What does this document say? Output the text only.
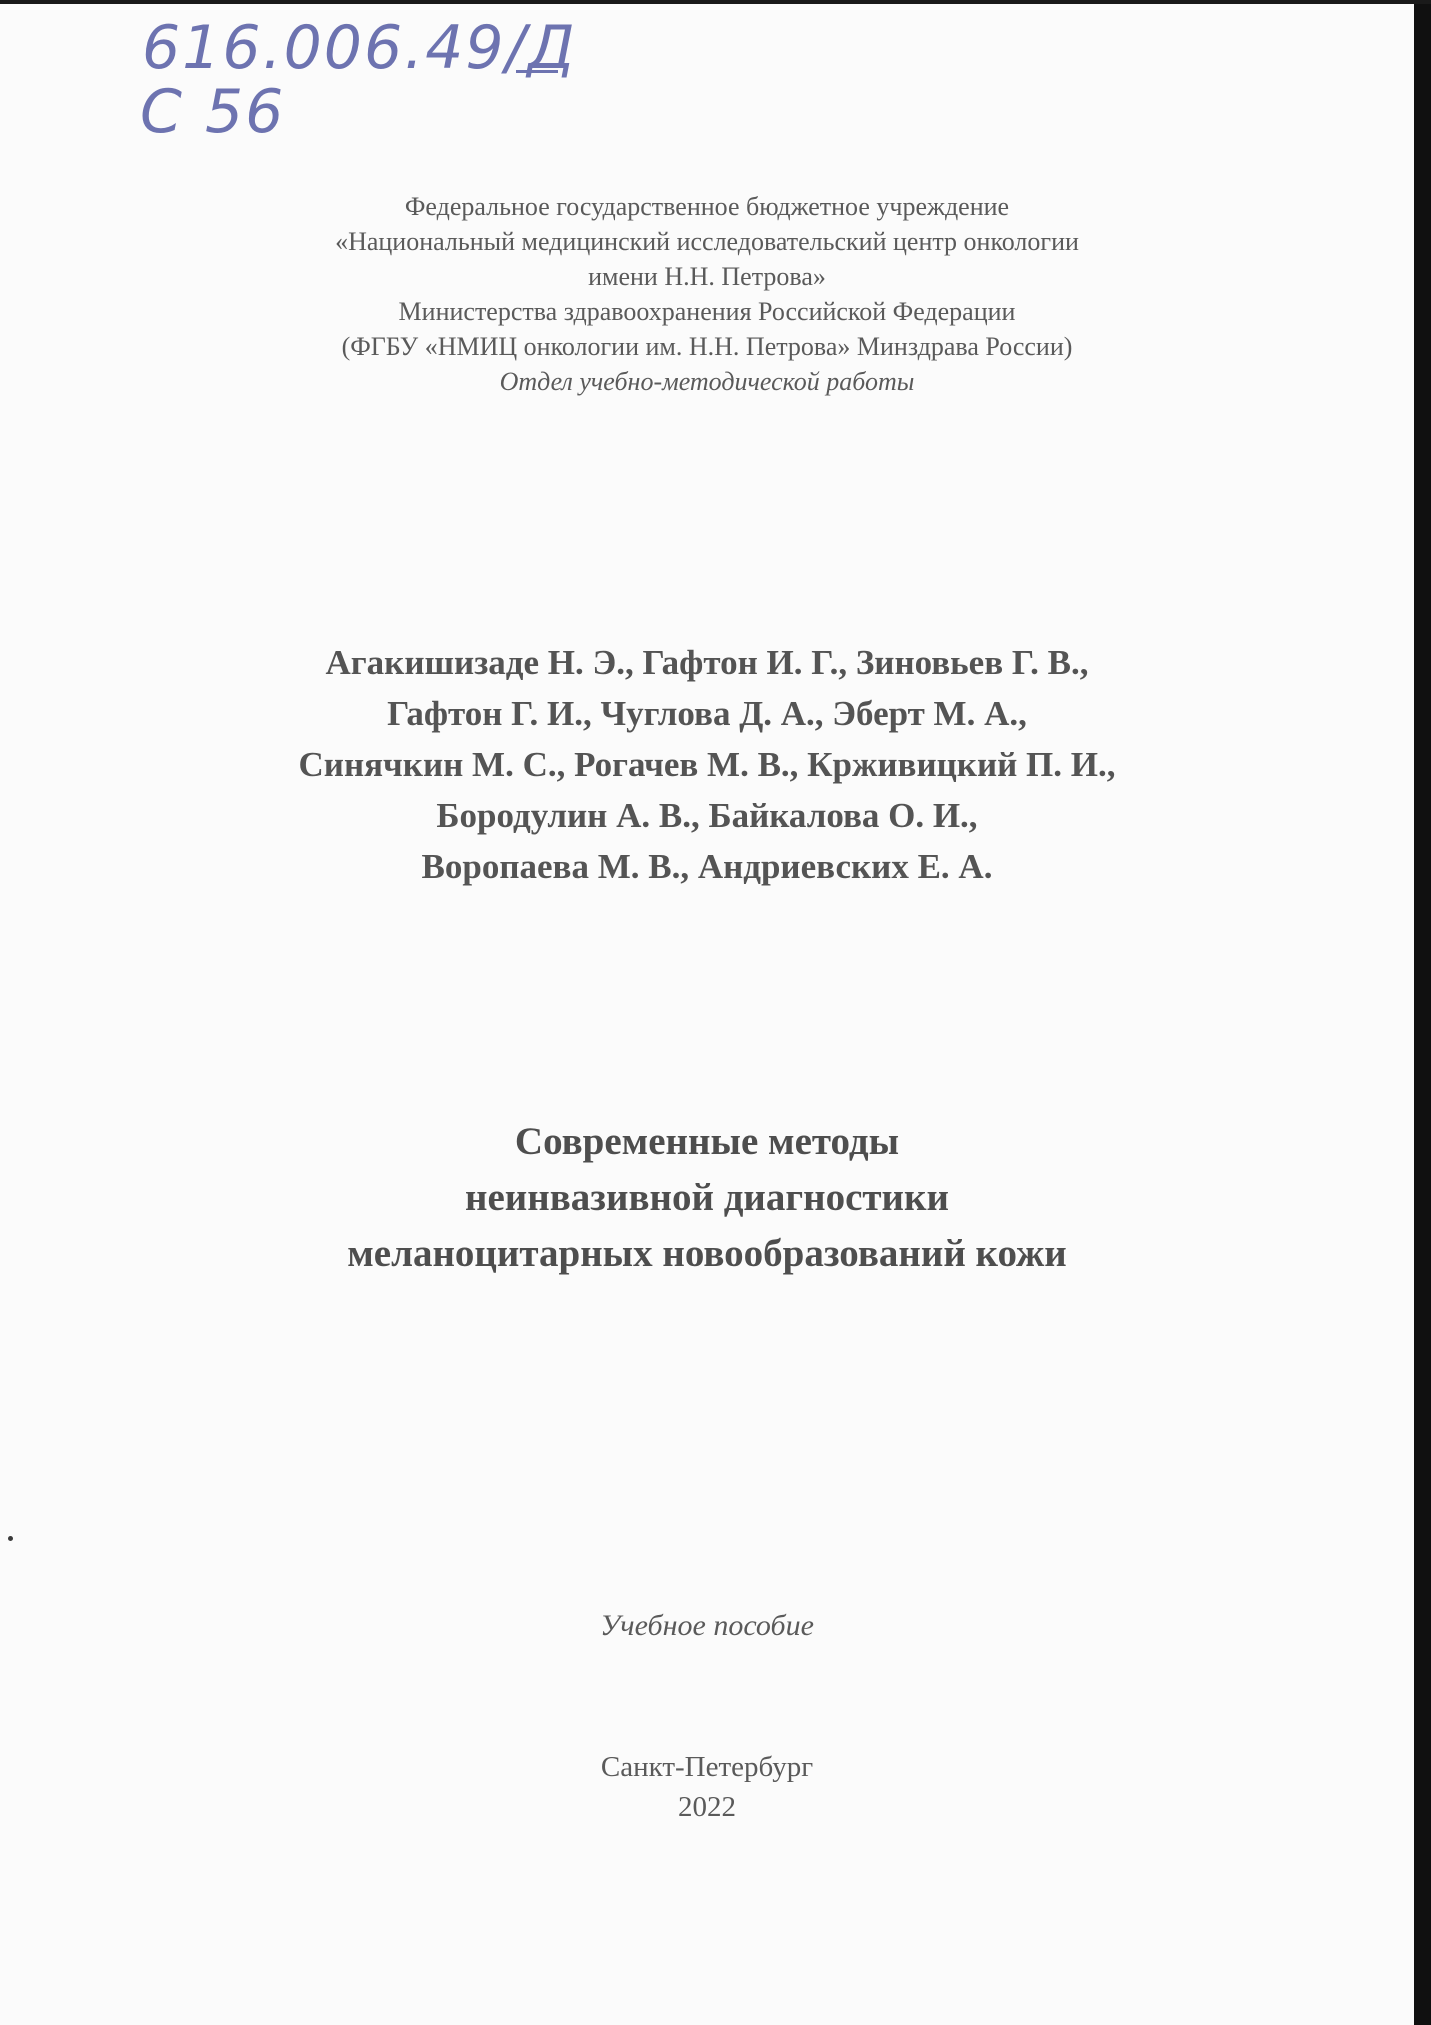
616.006.49/Д
С 56
Федеральное государственное бюджетное учреждение
«Национальный медицинский исследовательский центр онкологии
имени Н.Н. Петрова»
Министерства здравоохранения Российской Федерации
(ФГБУ «НМИЦ онкологии им. Н.Н. Петрова» Минздрава России)
Отдел учебно-методической работы
Агакишизаде Н. Э., Гафтон И. Г., Зиновьев Г. В.,
Гафтон Г. И., Чуглова Д. А., Эберт М. А.,
Синячкин М. С., Рогачев М. В., Крживицкий П. И.,
Бородулин А. В., Байкалова О. И.,
Воропаева М. В., Андриевских Е. А.
Современные методы
неинвазивной диагностики
меланоцитарных новообразований кожи
Учебное пособие
Санкт-Петербург
2022
